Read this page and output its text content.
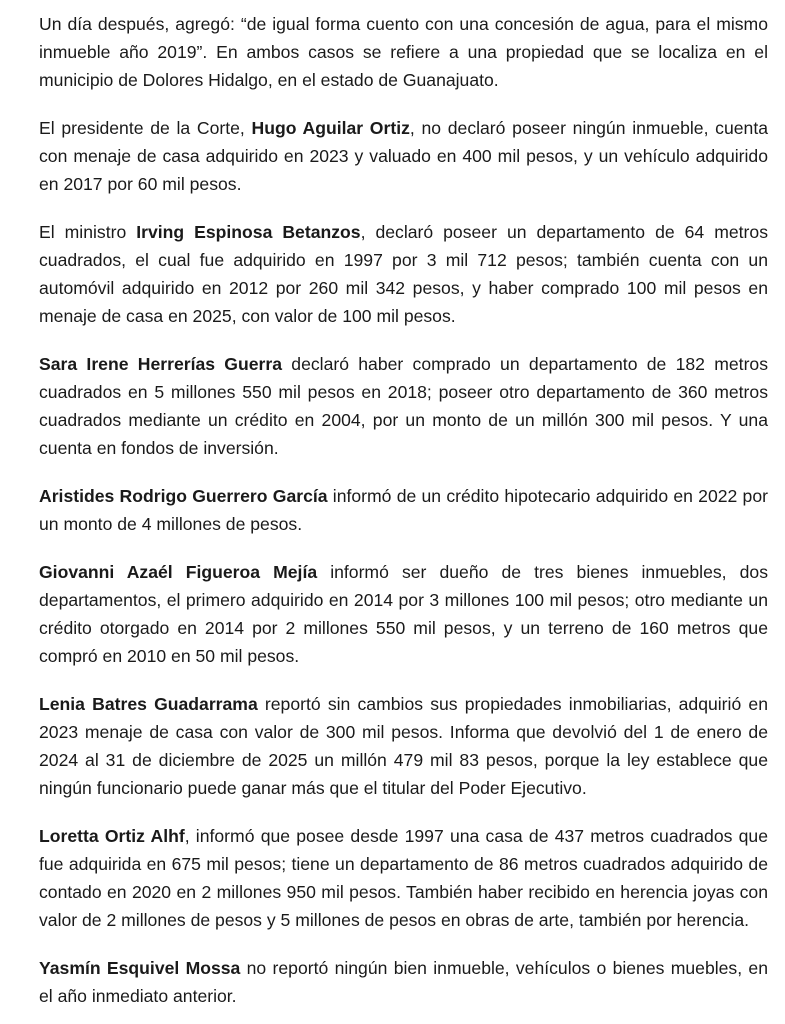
Un día después, agregó: “de igual forma cuento con una concesión de agua, para el mismo inmueble año 2019”. En ambos casos se refiere a una propiedad que se localiza en el municipio de Dolores Hidalgo, en el estado de Guanajuato.

El presidente de la Corte, Hugo Aguilar Ortiz, no declaró poseer ningún inmueble, cuenta con menaje de casa adquirido en 2023 y valuado en 400 mil pesos, y un vehículo adquirido en 2017 por 60 mil pesos.

El ministro Irving Espinosa Betanzos, declaró poseer un departamento de 64 metros cuadrados, el cual fue adquirido en 1997 por 3 mil 712 pesos; también cuenta con un automóvil adquirido en 2012 por 260 mil 342 pesos, y haber comprado 100 mil pesos en menaje de casa en 2025, con valor de 100 mil pesos.

Sara Irene Herrerías Guerra declaró haber comprado un departamento de 182 metros cuadrados en 5 millones 550 mil pesos en 2018; poseer otro departamento de 360 metros cuadrados mediante un crédito en 2004, por un monto de un millón 300 mil pesos. Y una cuenta en fondos de inversión.

Aristides Rodrigo Guerrero García informó de un crédito hipotecario adquirido en 2022 por un monto de 4 millones de pesos.

Giovanni Azaél Figueroa Mejía informó ser dueño de tres bienes inmuebles, dos departamentos, el primero adquirido en 2014 por 3 millones 100 mil pesos; otro mediante un crédito otorgado en 2014 por 2 millones 550 mil pesos, y un terreno de 160 metros que compró en 2010 en 50 mil pesos.

Lenia Batres Guadarrama reportó sin cambios sus propiedades inmobiliarias, adquirió en 2023 menaje de casa con valor de 300 mil pesos. Informa que devolvió del 1 de enero de 2024 al 31 de diciembre de 2025 un millón 479 mil 83 pesos, porque la ley establece que ningún funcionario puede ganar más que el titular del Poder Ejecutivo.

Loretta Ortiz Alhf, informó que posee desde 1997 una casa de 437 metros cuadrados que fue adquirida en 675 mil pesos; tiene un departamento de 86 metros cuadrados adquirido de contado en 2020 en 2 millones 950 mil pesos. También haber recibido en herencia joyas con valor de 2 millones de pesos y 5 millones de pesos en obras de arte, también por herencia.

Yasmín Esquivel Mossa no reportó ningún bien inmueble, vehículos o bienes muebles, en el año inmediato anterior.
